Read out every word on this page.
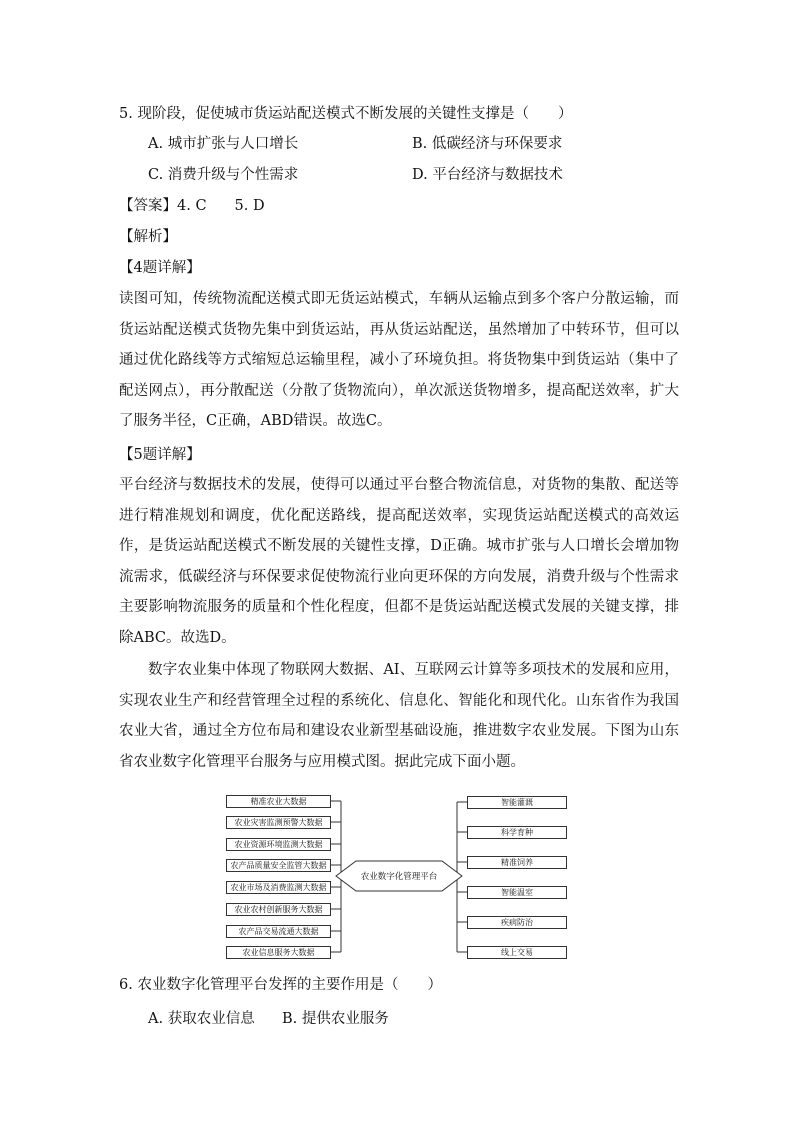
5. 现阶段，促使城市货运站配送模式不断发展的关键性支撑是（　　）
A. 城市扩张与人口增长	B. 低碳经济与环保要求
C. 消费升级与个性需求	D. 平台经济与数据技术
【答案】4. C 5. D
【解析】
【4题详解】

读图可知，传统物流配送模式即无货运站模式，车辆从运输点到多个客户分散运输，而货运站配送模式货物先集中到货运站，再从货运站配送，虽然增加了中转环节，但可以通过优化路线等方式缩短总运输里程，减小了环境负担。将货物集中到货运站（集中了配送网点），再分散配送（分散了货物流向），单次派送货物增多，提高配送效率，扩大了服务半径，C正确，ABD错误。故选C。

【5题详解】

平台经济与数据技术的发展，使得可以通过平台整合物流信息，对货物的集散、配送等进行精准规划和调度，优化配送路线，提高配送效率，实现货运站配送模式的高效运作，是货运站配送模式不断发展的关键性支撑，D正确。城市扩张与人口增长会增加物流需求，低碳经济与环保要求促使物流行业向更环保的方向发展，消费升级与个性需求主要影响物流服务的质量和个性化程度，但都不是货运站配送模式发展的关键支撑，排除ABC。故选D。

数字农业集中体现了物联网大数据、AI、互联网云计算等多项技术的发展和应用，实现农业生产和经营管理全过程的系统化、信息化、智能化和现代化。山东省作为我国农业大省，通过全方位布局和建设农业新型基础设施，推进数字农业发展。下图为山东省农业数字化管理平台服务与应用模式图。据此完成下面小题。

农业数字化管理平台
精准农业大数据
农业灾害监测预警大数据
农业资源环境监测大数据
农产品质量安全监管大数据
农业市场及消费监测大数据
农业农村创新服务大数据
农产品交易流通大数据
农业信息服务大数据
智能灌溉
科学育种
精准饲养
智能温室
疾病防治
线上交易
6. 农业数字化管理平台发挥的主要作用是（　　）
A. 获取农业信息 B. 提供农业服务
